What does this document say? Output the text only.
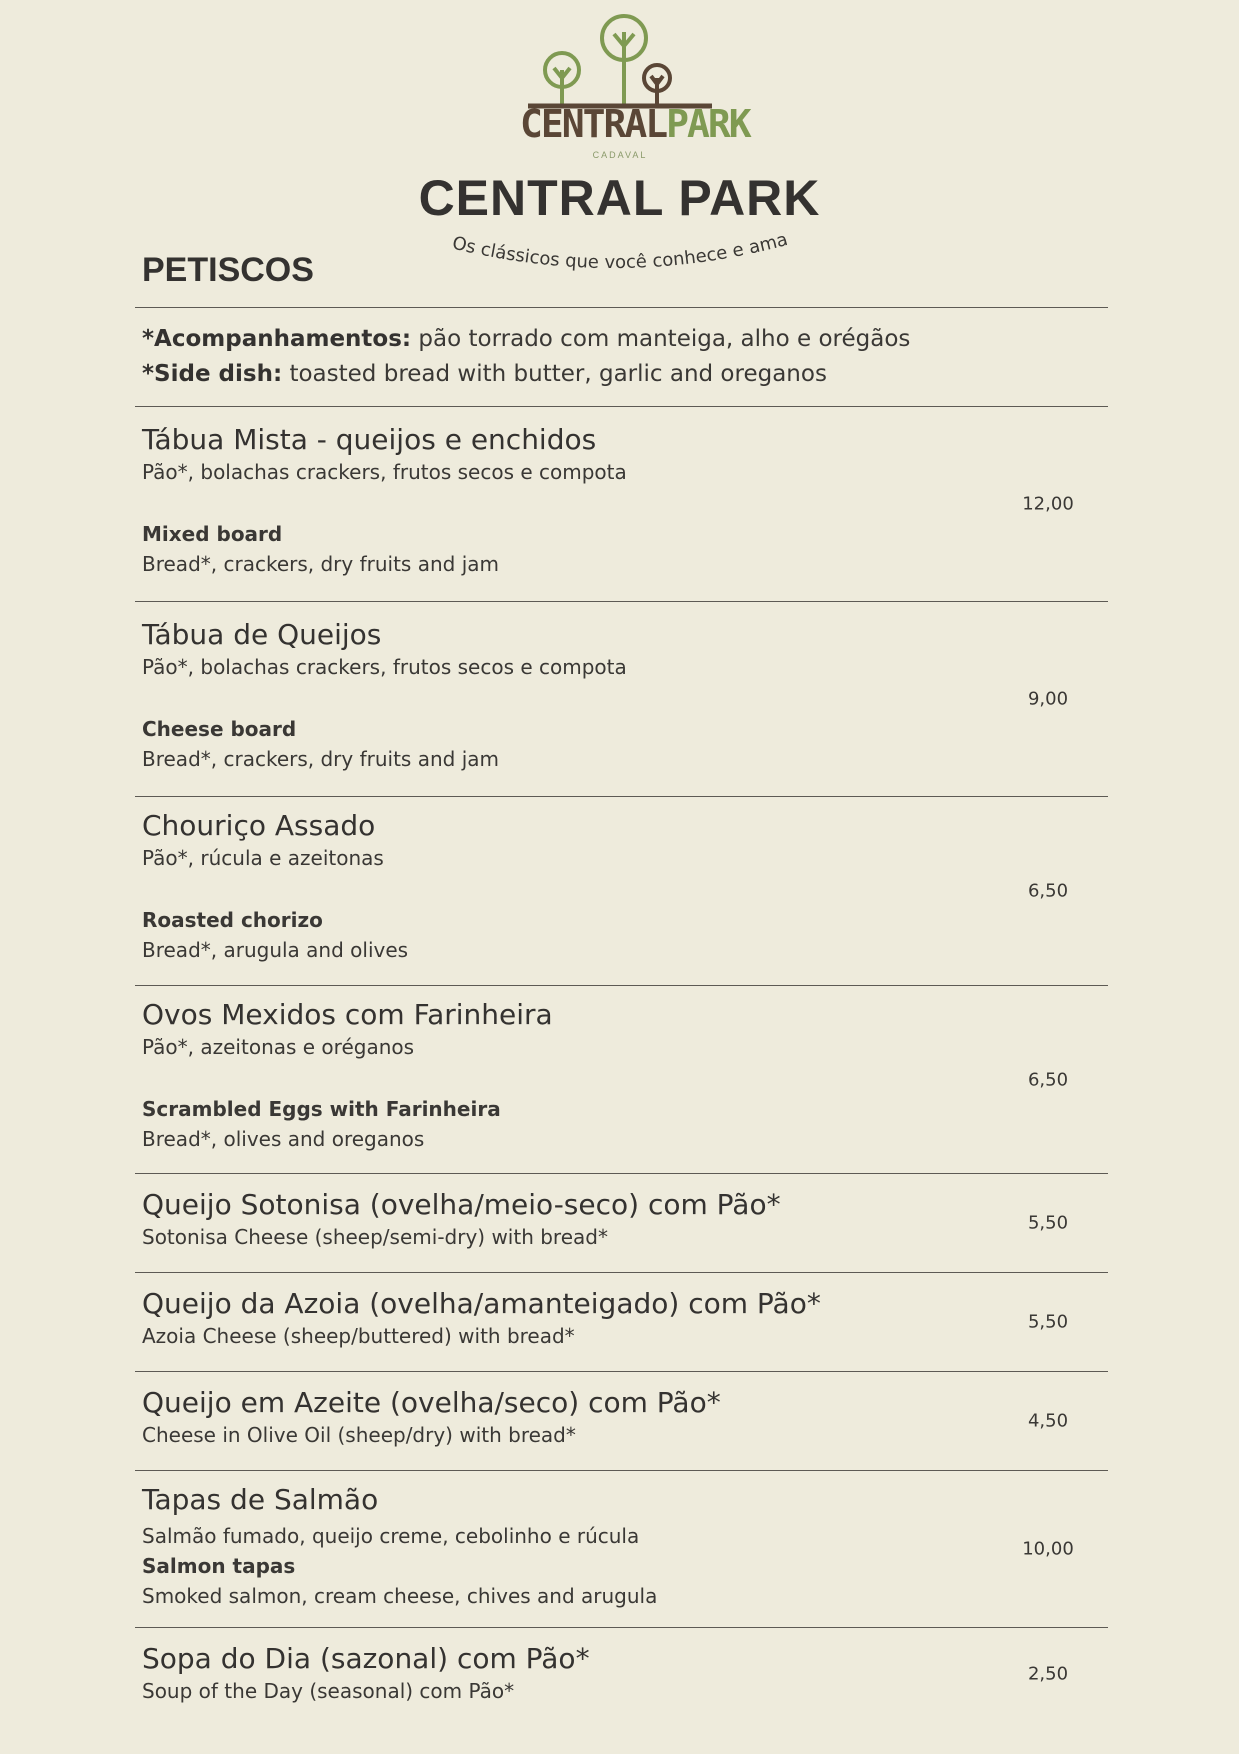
CENTRALPARK
CADAVAL
CENTRAL PARK
Os clássicos que você conhece e ama
PETISCOS
*Acompanhamentos: pão torrado com manteiga, alho e orégãos
*Side dish: toasted bread with butter, garlic and oreganos
Tábua Mista - queijos e enchidos
Pão*, bolachas crackers, frutos secos e compota
Mixed board
Bread*, crackers, dry fruits and jam
12,00
Tábua de Queijos
Pão*, bolachas crackers, frutos secos e compota
Cheese board
Bread*, crackers, dry fruits and jam
9,00
Chouriço Assado
Pão*, rúcula e azeitonas
Roasted chorizo
Bread*, arugula and olives
6,50
Ovos Mexidos com Farinheira
Pão*, azeitonas e oréganos
Scrambled Eggs with Farinheira
Bread*, olives and oreganos
6,50
Queijo Sotonisa (ovelha/meio-seco) com Pão*
Sotonisa Cheese (sheep/semi-dry) with bread*
5,50
Queijo da Azoia (ovelha/amanteigado) com Pão*
Azoia Cheese (sheep/buttered) with bread*
5,50
Queijo em Azeite (ovelha/seco) com Pão*
Cheese in Olive Oil (sheep/dry) with bread*
4,50
Tapas de Salmão
Salmão fumado, queijo creme, cebolinho e rúcula
Salmon tapas
Smoked salmon, cream cheese, chives and arugula
10,00
Sopa do Dia (sazonal) com Pão*
Soup of the Day (seasonal) com Pão*
2,50
